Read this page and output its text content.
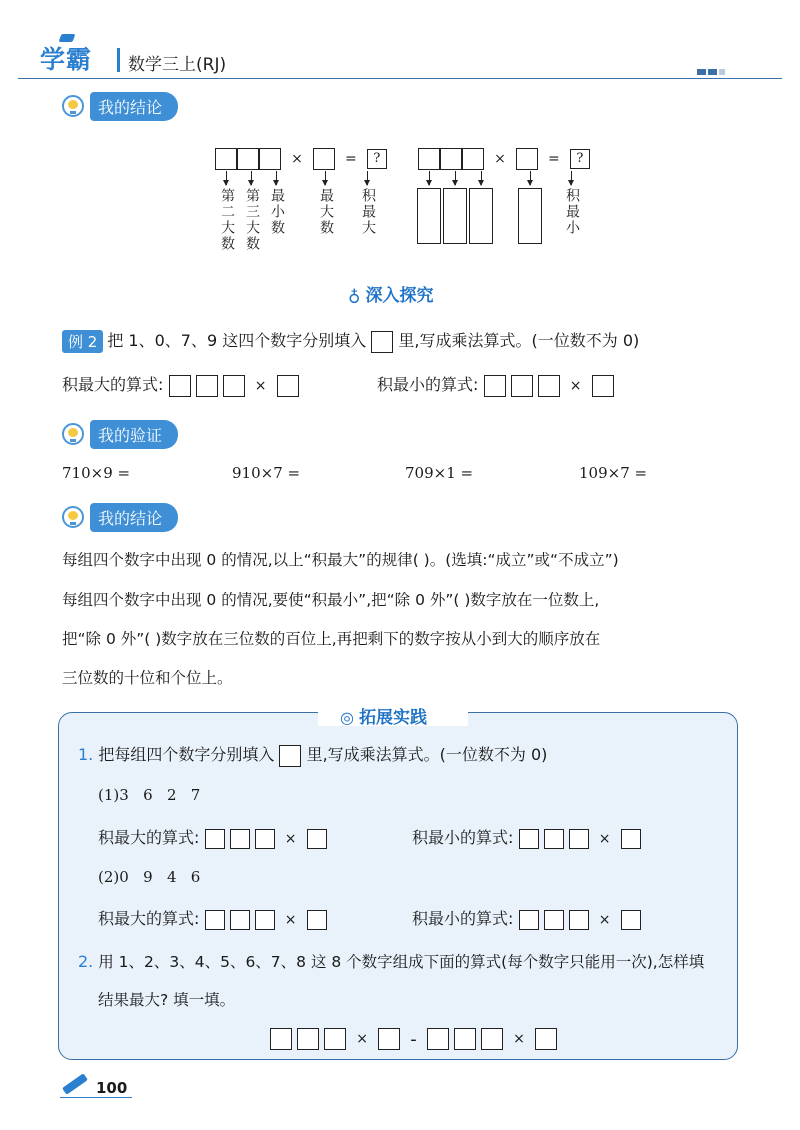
学霸 数学三上(RJ)
我的结论
×	= ?
第二大数 第三大数 最小数 最大数 积最大
×	= ?
积最小
♁ 深入探究
例 2 把 1、0、7、9 这四个数字分别填入 里,写成乘法算式。(一位数不为 0)
积最大的算式:	×	积最小的算式:	×
我的验证
710×9 =	910×7 =	709×1 =	109×7 =
我的结论
每组四个数字中出现 0 的情况,以上“积最大”的规律( )。(选填:“成立”或“不成立”)
每组四个数字中出现 0 的情况,要使“积最小”,把“除 0 外”( )数字放在一位数上,
把“除 0 外”( )数字放在三位数的百位上,再把剩下的数字按从小到大的顺序放在
三位数的十位和个位上。
◎ 拓展实践
1. 把每组四个数字分别填入 里,写成乘法算式。(一位数不为 0)
(1)3   6   2   7
积最大的算式:	×	积最小的算式:	×
(2)0   9   4   6
积最大的算式:	×	积最小的算式:	×
2. 用 1、2、3、4、5、6、7、8 这 8 个数字组成下面的算式(每个数字只能用一次),怎样填
结果最大? 填一填。
× -	×
100
